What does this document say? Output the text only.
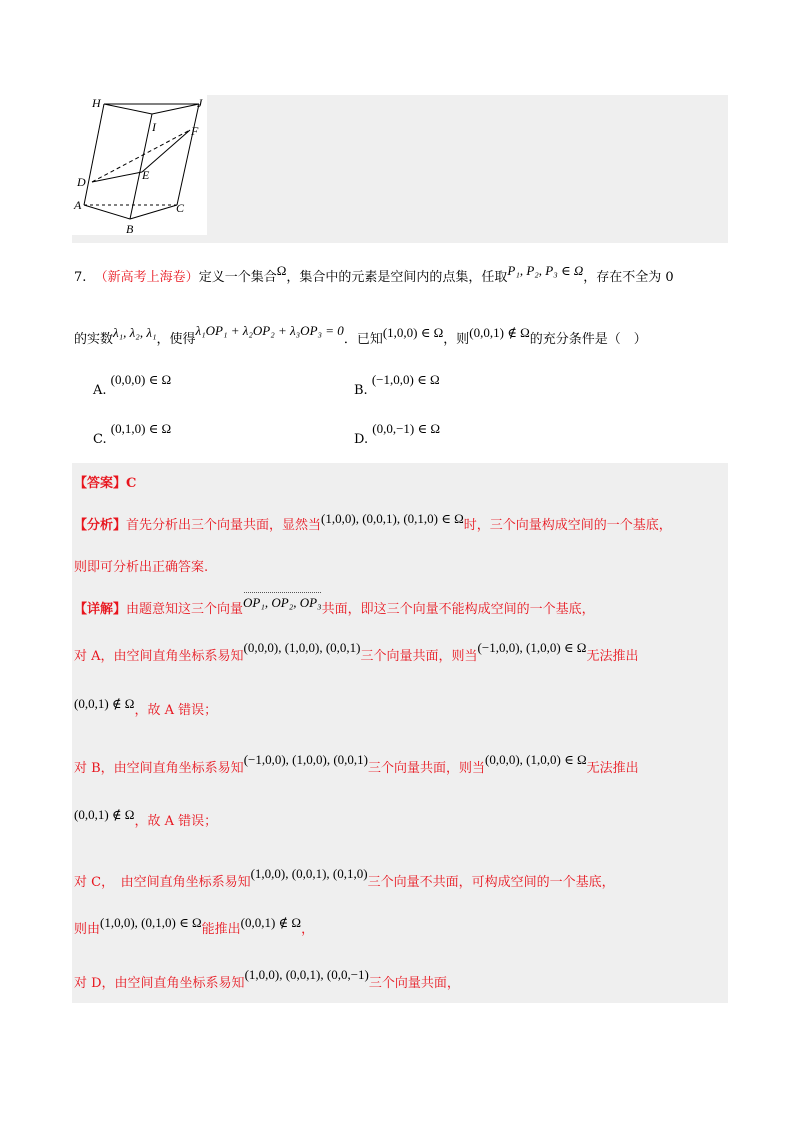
H	J
I	F
D	E
A	C
B
7. （新高考上海卷）定义一个集合Ω，集合中的元素是空间内的点集，任取P₁, P₂, P₃ ∈ Ω，存在不全为 0
的实数λ₁, λ₂, λ₁，使得λ₁OP₁ + λ₂OP₂ + λ₃OP₃ = 0．已知(1,0,0) ∈ Ω，则(0,0,1) ∉ Ω的充分条件是（　）
A. (0,0,0) ∈ Ω
B. (−1,0,0) ∈ Ω
C. (0,1,0) ∈ Ω
D. (0,0,−1) ∈ Ω
【答案】C
【分析】首先分析出三个向量共面，显然当(1,0,0), (0,0,1), (0,1,0) ∈ Ω时，三个向量构成空间的一个基底，
则即可分析出正确答案.
【详解】由题意知这三个向量OP₁, OP₂, OP₃共面，即这三个向量不能构成空间的一个基底，
对 A，由空间直角坐标系易知(0,0,0), (1,0,0), (0,0,1)三个向量共面，则当(−1,0,0), (1,0,0) ∈ Ω无法推出
(0,0,1) ∉ Ω，故 A 错误；
对 B，由空间直角坐标系易知(−1,0,0), (1,0,0), (0,0,1)三个向量共面，则当(0,0,0), (1,0,0) ∈ Ω无法推出
(0,0,1) ∉ Ω，故 A 错误；
对 C，　由空间直角坐标系易知(1,0,0), (0,0,1), (0,1,0)三个向量不共面，可构成空间的一个基底，
则由(1,0,0), (0,1,0) ∈ Ω能推出(0,0,1) ∉ Ω，
对 D，由空间直角坐标系易知(1,0,0), (0,0,1), (0,0,−1)三个向量共面，
